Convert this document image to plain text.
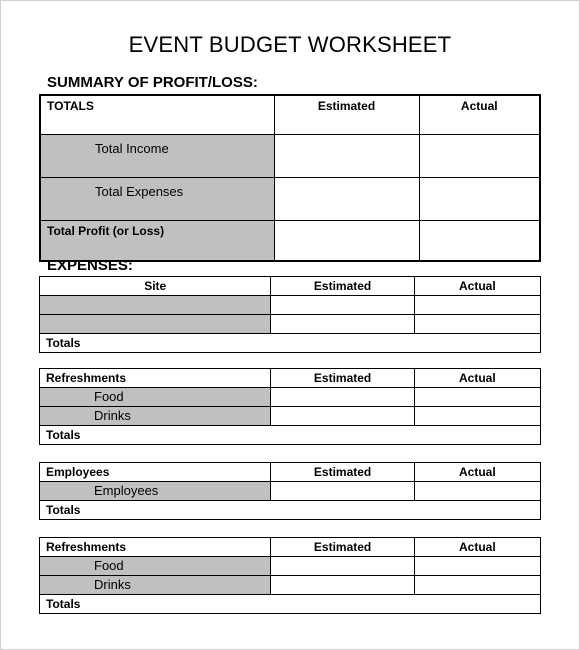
EVENT BUDGET WORKSHEET
SUMMARY OF PROFIT/LOSS:
TOTALS	Estimated	Actual
Total Income		
Total Expenses		
Total Profit (or Loss)		
EXPENSES:
Site	Estimated	Actual

Totals		
Refreshments	Estimated	Actual
Food		
Drinks		
Totals		
Employees	Estimated	Actual
Employees		
Totals		
Refreshments	Estimated	Actual
Food		
Drinks		
Totals		
